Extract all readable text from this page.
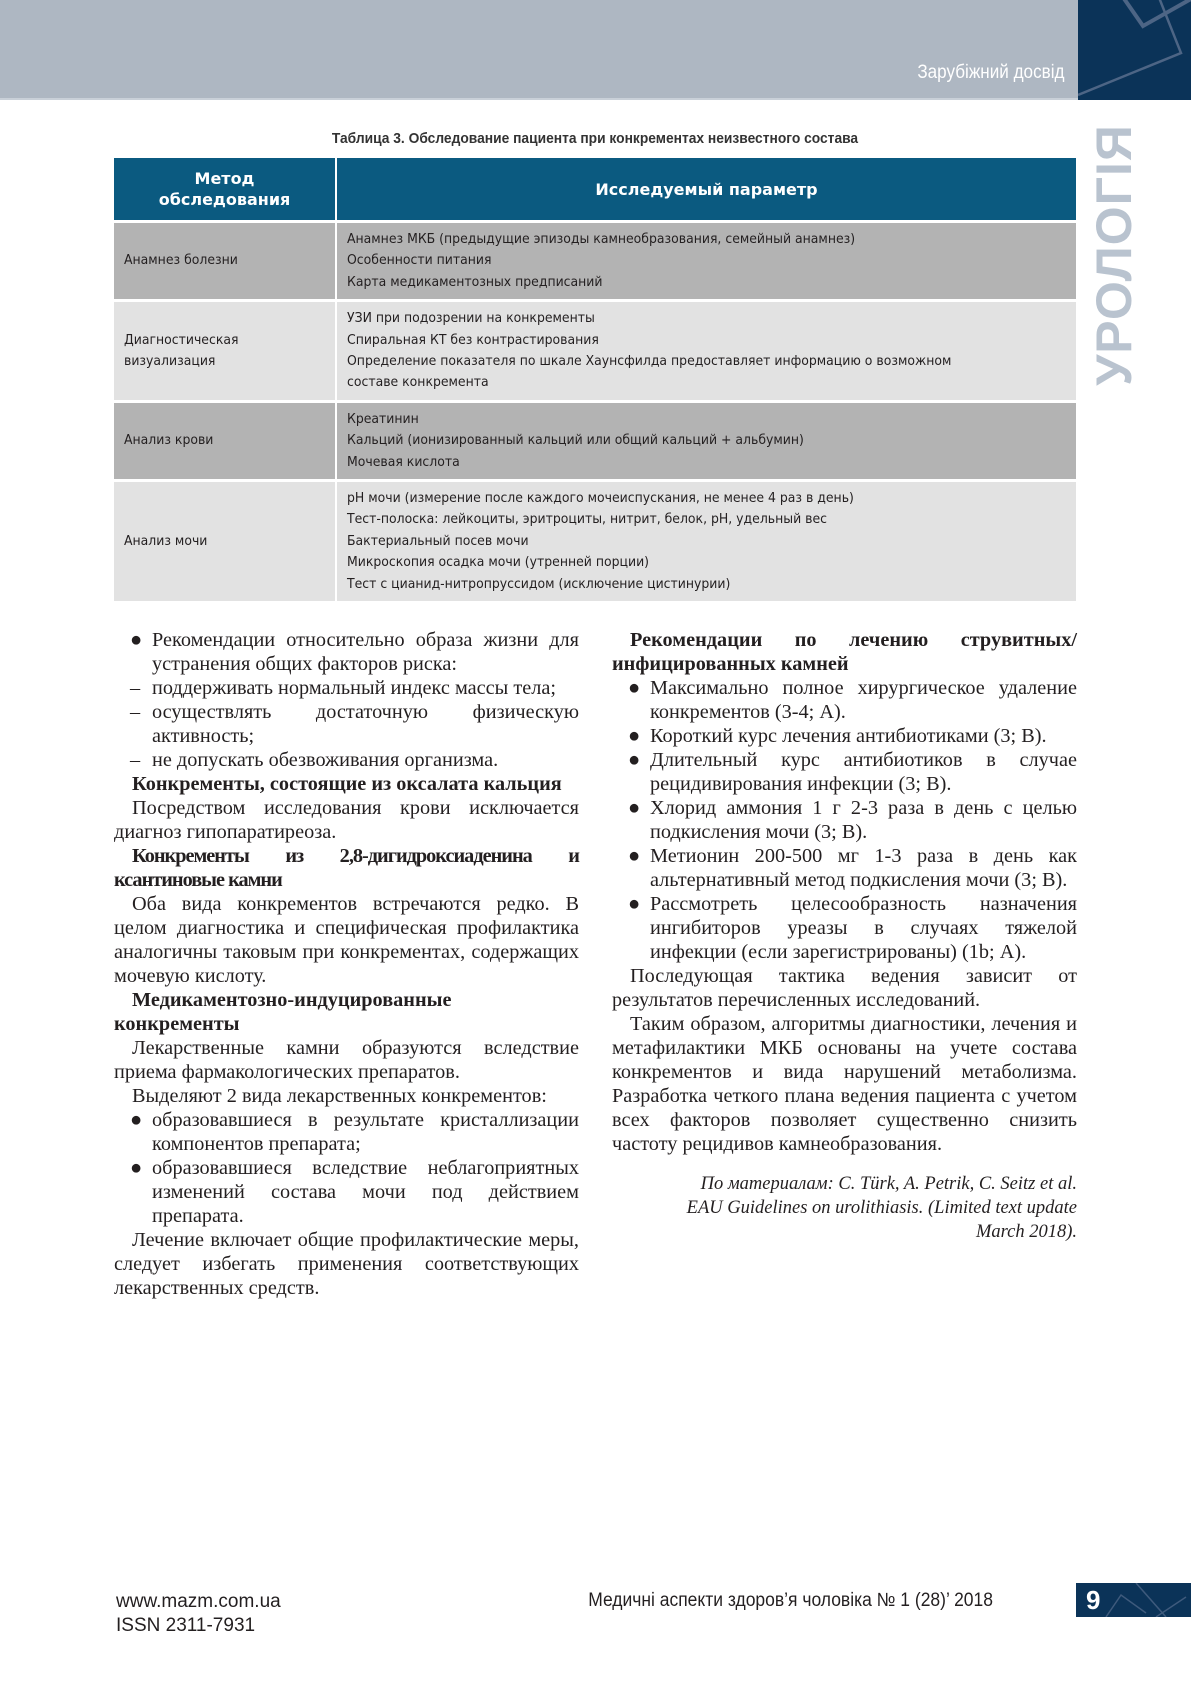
Зарубіжний досвід
УРОЛОГІЯ
Таблица 3. Обследование пациента при конкрементах неизвестного состава
Метод
обследования	Исследуемый параметр

Анамнез болезни	Анамнез МКБ (предыдущие эпизоды камнеобразования, семейный анамнез)
Особенности питания
Карта медикаментозных предписаний

Диагностическая
визуализация	УЗИ при подозрении на конкременты
Спиральная КТ без контрастирования
Определение показателя по шкале Хаунсфилда предоставляет информацию о возможном
составе конкремента

Анализ крови	Креатинин
Кальций (ионизированный кальций или общий кальций + альбумин)
Мочевая кислота

Анализ мочи	рН мочи (измерение после каждого мочеиспускания, не менее 4 раз в день)
Тест-полоска: лейкоциты, эритроциты, нитрит, белок, рН, удельный вес
Бактериальный посев мочи
Микроскопия осадка мочи (утренней порции)
Тест с цианид-нитропруссидом (исключение цистинурии)
● Рекомендации относительно образа жизни для устранения общих факторов риска:
– поддерживать нормальный индекс массы тела;
– осуществлять достаточную физическую активность;
– не допускать обезвоживания организма.

Конкременты, состоящие из оксалата кальция

Посредством исследования крови исключается диагноз гипопаратиреоза.

Конкременты из 2,8-дигидроксиаденина и ксантиновые камни

Оба вида конкрементов встречаются редко. В целом диагностика и специфическая профилактика аналогичны таковым при конкрементах, содержащих мочевую кислоту.

Медикаментозно-индуцированные конкременты

Лекарственные камни образуются вследствие приема фармакологических препаратов.

Выделяют 2 вида лекарственных конкрементов:

● образовавшиеся в результате кристаллизации компонентов препарата;
● образовавшиеся вследствие неблагоприятных изменений состава мочи под действием препарата.

Лечение включает общие профилактические меры, следует избегать применения соответствующих лекарственных средств.

Рекомендации по лечению струвитных/инфицированных камней

● Максимально полное хирургическое удаление конкрементов (3-4; А).
● Короткий курс лечения антибиотиками (3; В).
● Длительный курс антибиотиков в случае рецидивирования инфекции (3; В).
● Хлорид аммония 1 г 2-3 раза в день с целью подкисления мочи (3; В).
● Метионин 200-500 мг 1-3 раза в день как альтернативный метод подкисления мочи (3; В).
● Рассмотреть целесообразность назначения ингибиторов уреазы в случаях тяжелой инфекции (если зарегистрированы) (1b; А).

Последующая тактика ведения зависит от результатов перечисленных исследований.

Таким образом, алгоритмы диагностики, лечения и метафилактики МКБ основаны на учете состава конкрементов и вида нарушений метаболизма. Разработка четкого плана ведения пациента с учетом всех факторов позволяет существенно снизить частоту рецидивов камнеобразования.

По материалам: C. Türk, A. Petrik, C. Seitz et al.
EAU Guidelines on urolithiasis. (Limited text update
March 2018).
www.mazm.com.ua
ISSN 2311-7931
Медичні аспекти здоров’я чоловіка № 1 (28)’ 2018	9
